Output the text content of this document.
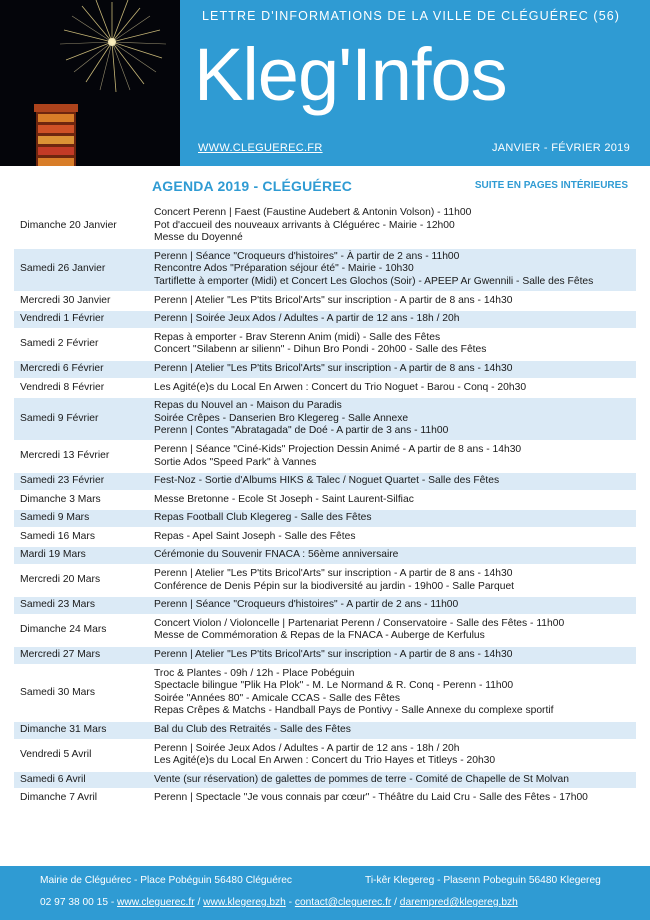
LETTRE D'INFORMATIONS DE LA VILLE DE CLÉGUÉREC (56)
Kleg'Infos
WWW.CLEGUEREC.FR	JANVIER - FÉVRIER 2019
AGENDA 2019 - CLÉGUÉREC	SUITE EN PAGES INTÉRIEURES
Dimanche 20 Janvier	Concert Perenn | Faest (Faustine Audebert & Antonin Volson) - 11h00
Pot d'accueil des nouveaux arrivants à Cléguérec - Mairie - 12h00
Messe du Doyenné

Samedi 26 Janvier	Perenn | Séance "Croqueurs d'histoires" - À partir de 2 ans - 11h00
Rencontre Ados "Préparation séjour été" - Mairie - 10h30
Tartiflette à emporter (Midi) et Concert Les Glochos (Soir) - APEEP Ar Gwennili - Salle des Fêtes

Mercredi 30 Janvier	Perenn | Atelier "Les P'tits Bricol'Arts" sur inscription - A partir de 8 ans - 14h30

Vendredi 1 Février	Perenn | Soirée Jeux Ados / Adultes - A partir de 12 ans - 18h / 20h

Samedi 2 Février	Repas à emporter - Brav Sterenn Anim (midi) - Salle des Fêtes
Concert "Silabenn ar silienn" - Dihun Bro Pondi - 20h00 - Salle des Fêtes

Mercredi 6 Février	Perenn | Atelier "Les P'tits Bricol'Arts" sur inscription - A partir de 8 ans - 14h30

Vendredi 8 Février	Les Agité(e)s du Local En Arwen : Concert du Trio Noguet - Barou - Conq - 20h30

Samedi 9 Février	Repas du Nouvel an - Maison du Paradis
Soirée Crêpes - Danserien Bro Klegereg - Salle Annexe
Perenn | Contes "Abratagada" de Doé - A partir de 3 ans - 11h00

Mercredi 13 Février	Perenn | Séance "Ciné-Kids" Projection Dessin Animé - A partir de 8 ans - 14h30
Sortie Ados "Speed Park" à Vannes

Samedi 23 Février	Fest-Noz - Sortie d'Albums HIKS & Talec / Noguet Quartet - Salle des Fêtes

Dimanche 3 Mars	Messe Bretonne - Ecole St Joseph - Saint Laurent-Silfiac

Samedi 9 Mars	Repas Football Club Klegereg - Salle des Fêtes

Samedi 16 Mars	Repas - Apel Saint Joseph - Salle des Fêtes

Mardi 19 Mars	Cérémonie du Souvenir FNACA : 56ème anniversaire

Mercredi 20 Mars	Perenn | Atelier "Les P'tits Bricol'Arts" sur inscription - A partir de 8 ans - 14h30
Conférence de Denis Pépin sur la biodiversité au jardin - 19h00 - Salle Parquet

Samedi 23 Mars	Perenn | Séance "Croqueurs d'histoires" - A partir de 2 ans - 11h00

Dimanche 24 Mars	Concert Violon / Violoncelle | Partenariat Perenn / Conservatoire - Salle des Fêtes - 11h00
Messe de Commémoration & Repas de la FNACA - Auberge de Kerfulus

Mercredi 27 Mars	Perenn | Atelier "Les P'tits Bricol'Arts" sur inscription - A partir de 8 ans - 14h30

Samedi 30 Mars	Troc & Plantes - 09h / 12h - Place Pobéguin
Spectacle bilingue "Plik Ha Plok" - M. Le Normand & R. Conq - Perenn - 11h00
Soirée "Années 80" - Amicale CCAS - Salle des Fêtes
Repas Crêpes & Matchs - Handball Pays de Pontivy - Salle Annexe du complexe sportif

Dimanche 31 Mars	Bal du Club des Retraités - Salle des Fêtes

Vendredi 5 Avril	Perenn | Soirée Jeux Ados / Adultes - A partir de 12 ans - 18h / 20h
Les Agité(e)s du Local En Arwen : Concert du Trio Hayes et Titleys - 20h30

Samedi 6 Avril	Vente (sur réservation) de galettes de pommes de terre - Comité de Chapelle de St Molvan

Dimanche 7 Avril	Perenn | Spectacle "Je vous connais par cœur" - Théâtre du Laid Cru - Salle des Fêtes - 17h00
Mairie de Cléguérec - Place Pobéguin 56480 Cléguérec	Ti-kêr Klegereg - Plasenn Pobeguin 56480 Klegereg
02 97 38 00 15 - www.cleguerec.fr / www.klegereg.bzh - contact@cleguerec.fr / darempred@klegereg.bzh
